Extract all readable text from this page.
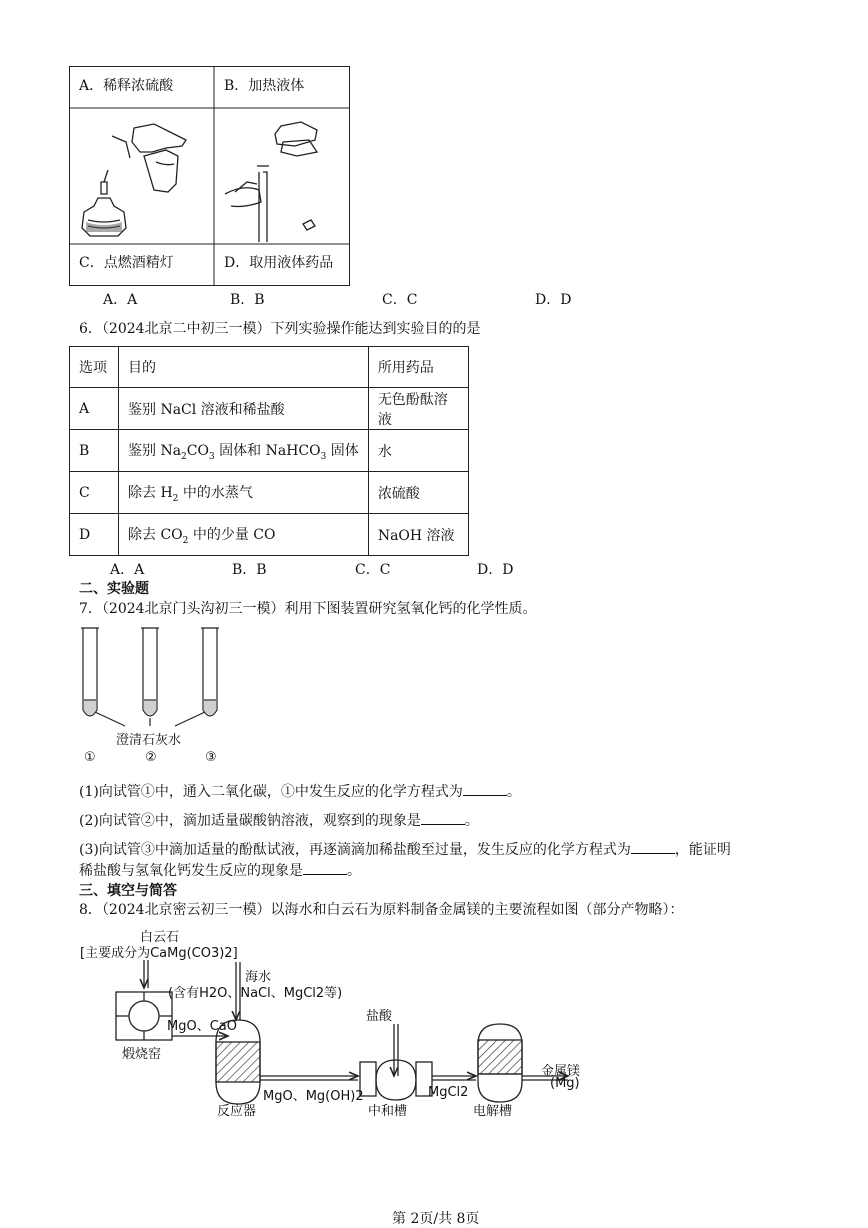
A．稀释浓硫酸	B．加热液体
C．点燃酒精灯	D．取用液体药品
A．A	B．B	C．C	D．D
6．（2024北京二中初三一模）下列实验操作能达到实验目的的是
选项	目的	所用药品
A	鉴别 NaCl 溶液和稀盐酸	无色酚酞溶液
B	鉴别 $Na_2CO_3$ 固体和 NaHCO$_3$ 固体	水
C	除去 $H_2$ 中的水蒸气	浓硫酸
D	除去 $CO_2$ 中的少量 CO	NaOH 溶液
A．A	B．B	C．C	D．D
二、实验题
7．（2024北京门头沟初三一模）利用下图装置研究氢氧化钙的化学性质。
澄清石灰水
①	②	③
(1)向试管①中，通入二氧化碳，①中发生反应的化学方程式为	。
(2)向试管②中，滴加适量碳酸钠溶液，观察到的现象是	。
(3)向试管③中滴加适量的酚酞试液，再逐滴滴加稀盐酸至过量，发生反应的化学方程式为	，能证明
稀盐酸与氢氧化钙发生反应的现象是	。
三、填空与简答
8．（2024北京密云初三一模）以海水和白云石为原料制备金属镁的主要流程如图（部分产物略）：
白云石
[主要成分为CaMg(CO3)2]
海水
(含有H2O、NaCl、MgCl2等)
MgO、CaO
煅烧窑
盐酸
MgO、Mg(OH)2	MgCl2
金属镁
(Mg)
反应器	中和槽	电解槽
第 2页/共 8页
